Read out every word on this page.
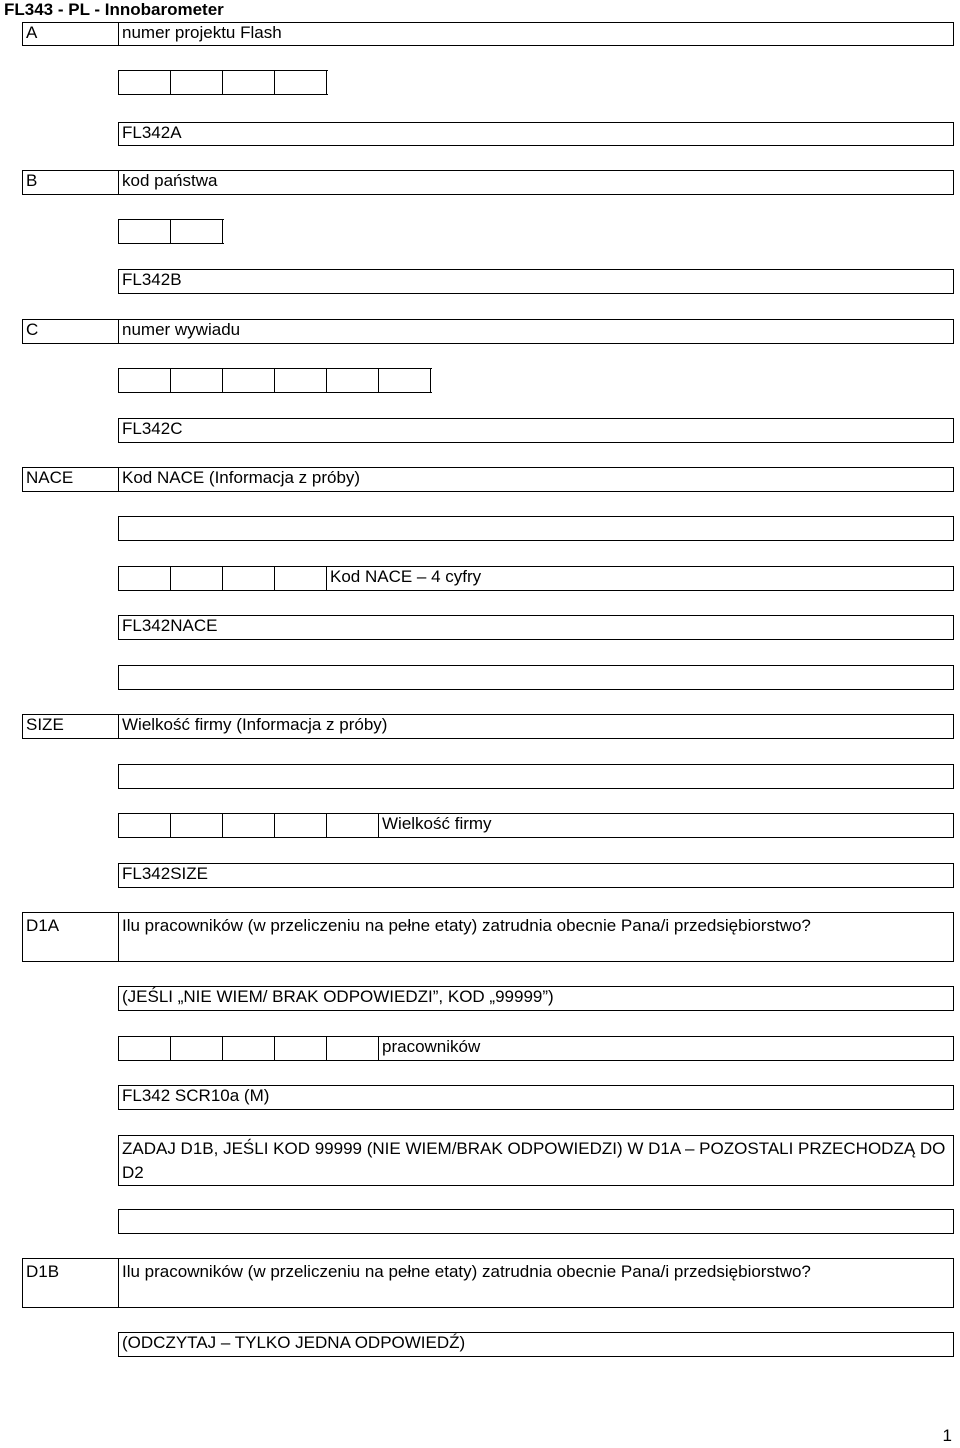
FL343 - PL - Innobarometer
A	numer projektu Flash
FL342A
B	kod państwa
FL342B
C	numer wywiadu
FL342C
NACE	Kod NACE (Informacja z próby)
Kod NACE – 4 cyfry
FL342NACE
SIZE	Wielkość firmy (Informacja z próby)
Wielkość firmy
FL342SIZE
D1A	Ilu pracowników (w przeliczeniu na pełne etaty) zatrudnia obecnie Pana/i przedsiębiorstwo?
(JEŚLI „NIE WIEM/ BRAK ODPOWIEDZI”, KOD „99999”)
pracowników
FL342 SCR10a (M)
ZADAJ D1B, JEŚLI KOD 99999 (NIE WIEM/BRAK ODPOWIEDZI) W D1A – POZOSTALI PRZECHODZĄ DO D2
D1B	Ilu pracowników (w przeliczeniu na pełne etaty) zatrudnia obecnie Pana/i przedsiębiorstwo?
(ODCZYTAJ – TYLKO JEDNA ODPOWIEDŹ)
1
